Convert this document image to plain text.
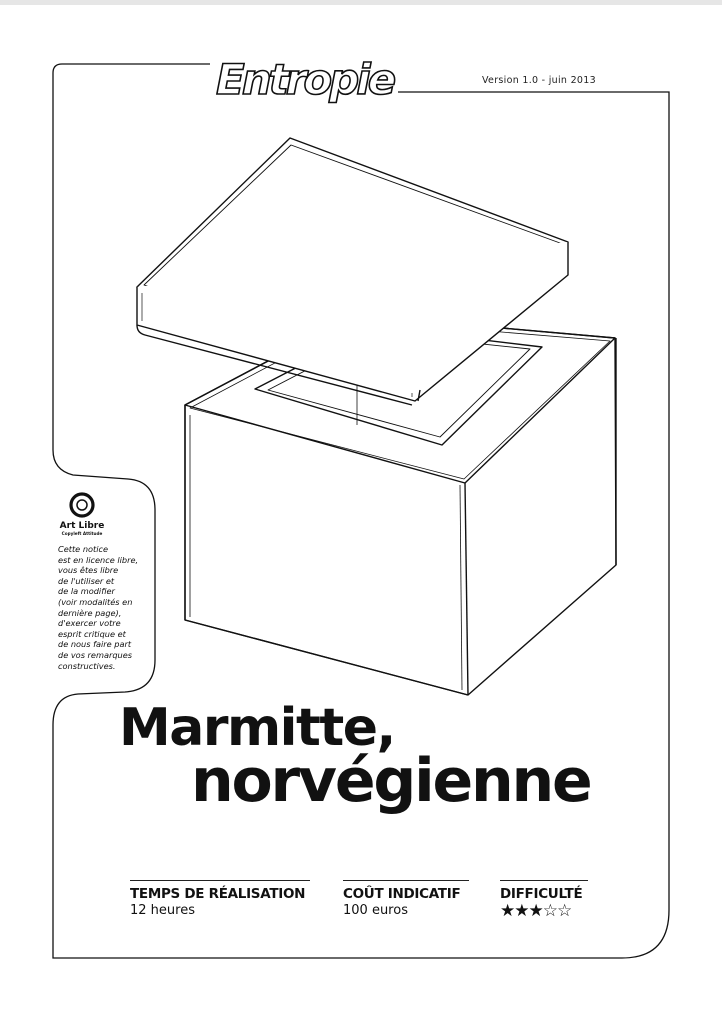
Entropie	Version 1.0 - juin 2013
Art Libre
Copyleft Attitude
Cette notice
est en licence libre,
vous êtes libre
de l'utiliser et
de la modifier
(voir modalités en
dernière page),
d'exercer votre
esprit critique et
de nous faire part
de vos remarques
constructives.
Marmitte,
norvégienne
TEMPS DE RÉALISATION
12 heures
COÛT INDICATIF
100 euros
DIFFICULTÉ
★★★☆☆
